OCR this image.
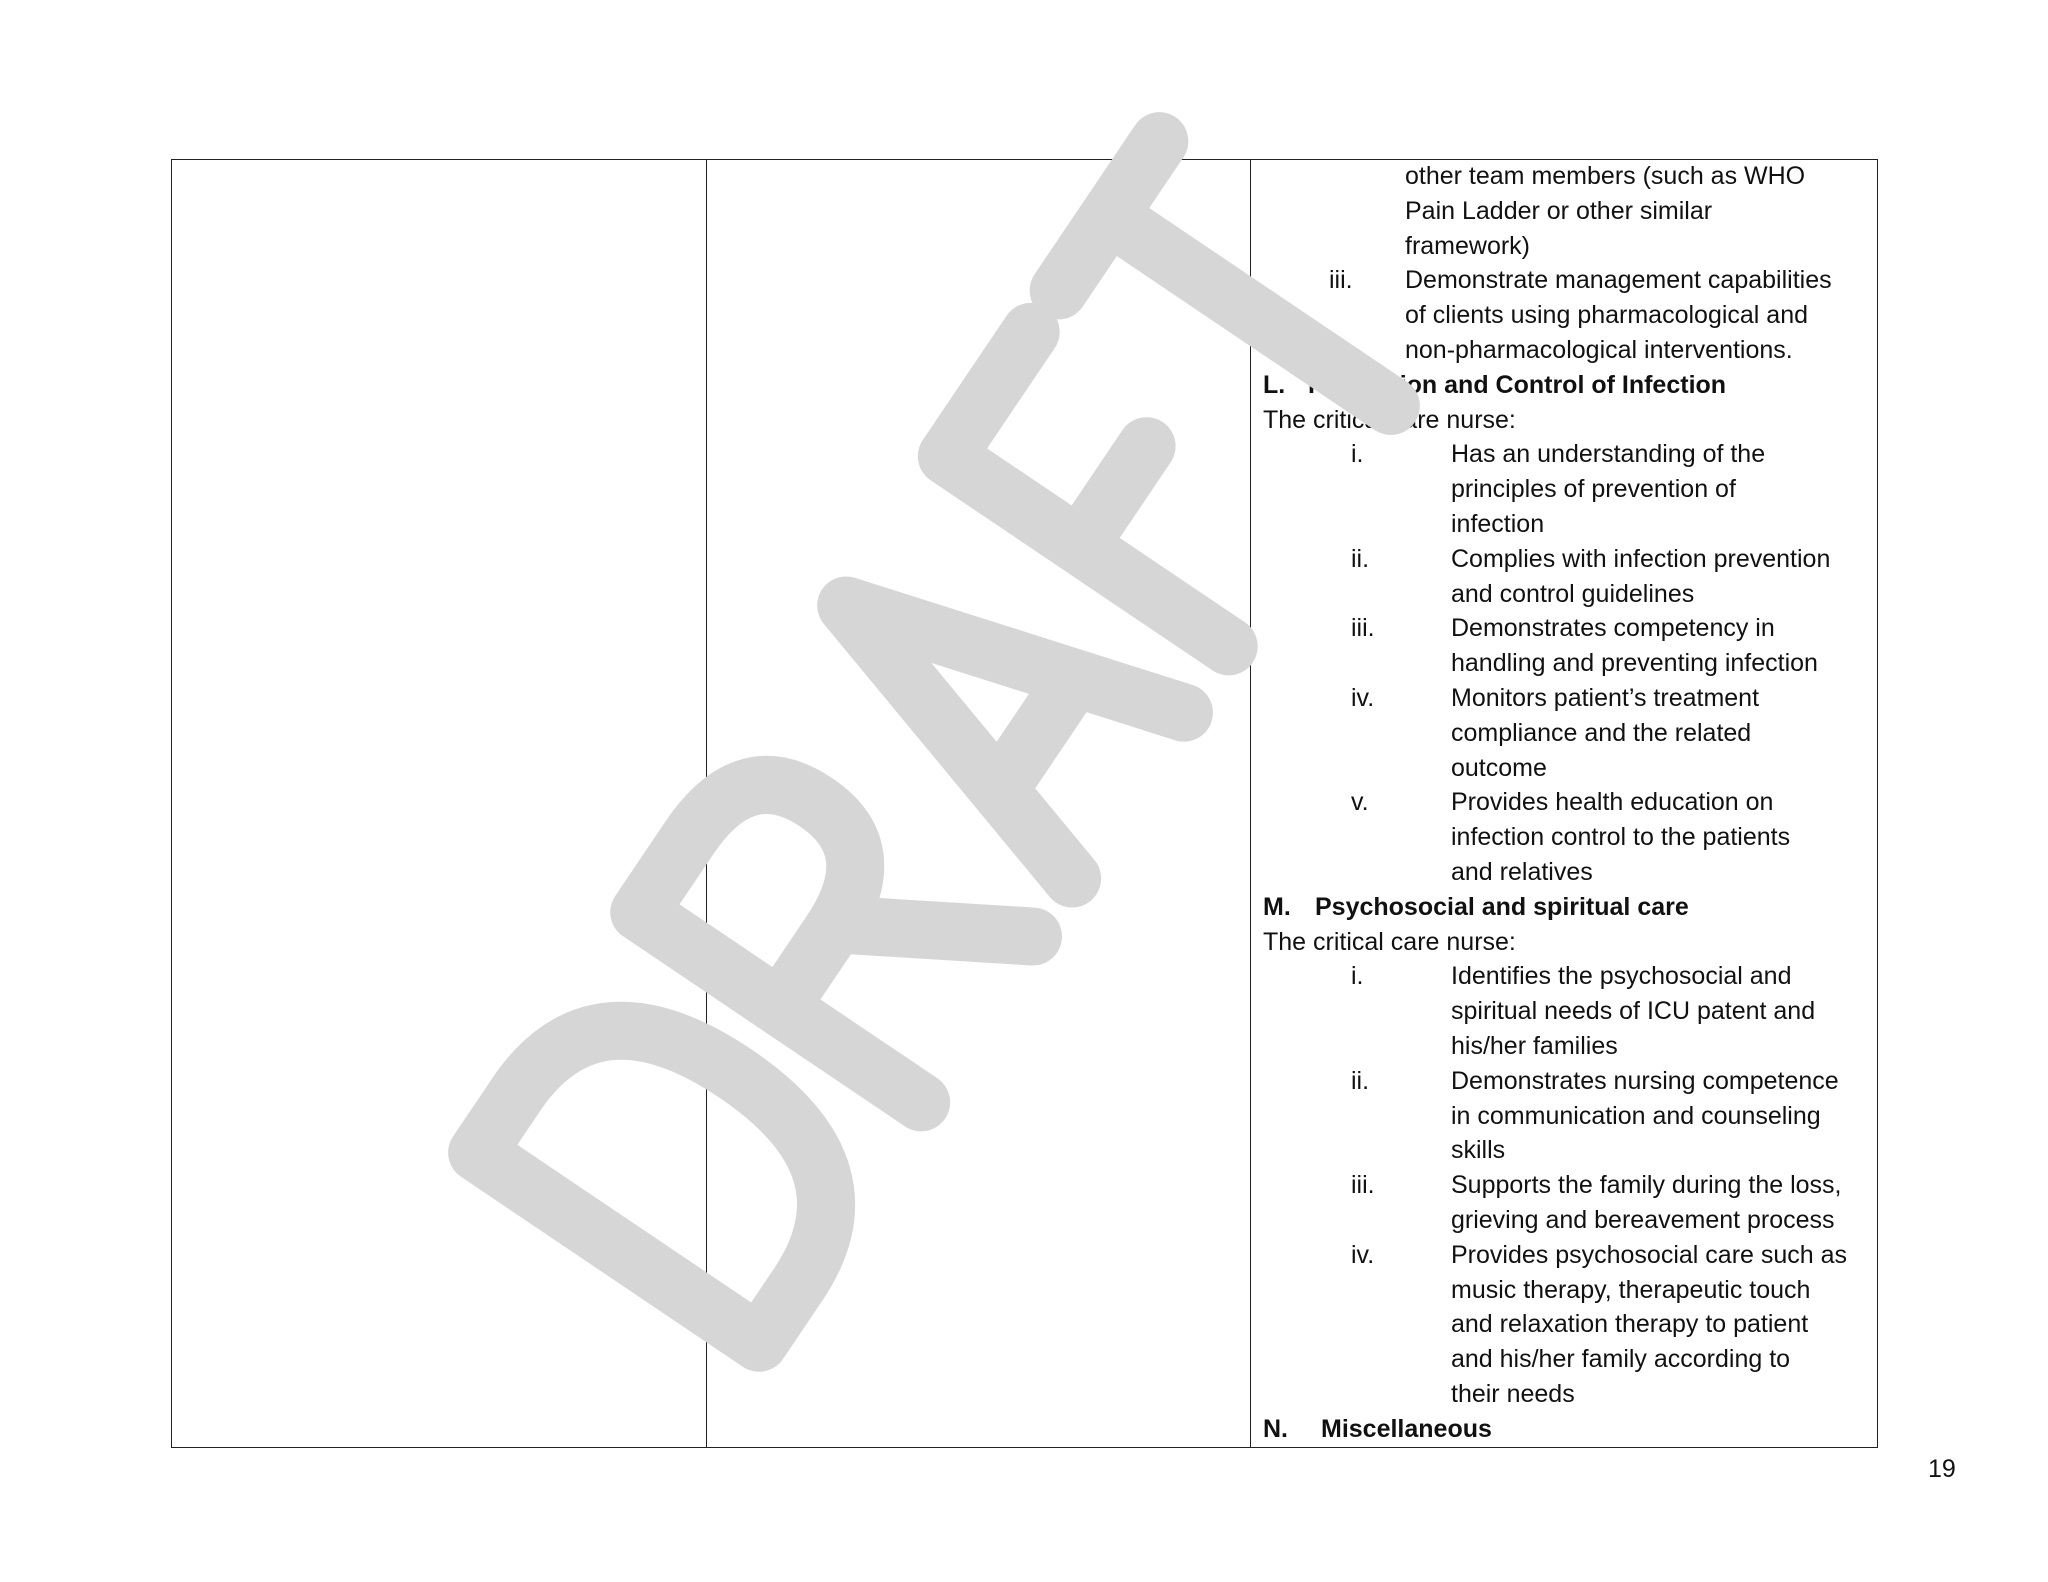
other team members (such as WHO
Pain Ladder or other similar
framework)
iii. Demonstrate management capabilities
of clients using pharmacological and
non-pharmacological interventions.
L. Prevention and Control of Infection
The critical care nurse:
i.	Has an understanding of the
principles of prevention of
infection
ii.	Complies with infection prevention
and control guidelines
iii.	Demonstrates competency in
handling and preventing infection
iv.	Monitors patient’s treatment
compliance and the related
outcome
v.	Provides health education on
infection control to the patients
and relatives
M. Psychosocial and spiritual care
The critical care nurse:
i.	Identifies the psychosocial and
spiritual needs of ICU patent and
his/her families
ii.	Demonstrates nursing competence
in communication and counseling
skills
iii.	Supports the family during the loss,
grieving and bereavement process
iv.	Provides psychosocial care such as
music therapy, therapeutic touch
and relaxation therapy to patient
and his/her family according to
their needs
N. Miscellaneous
19
